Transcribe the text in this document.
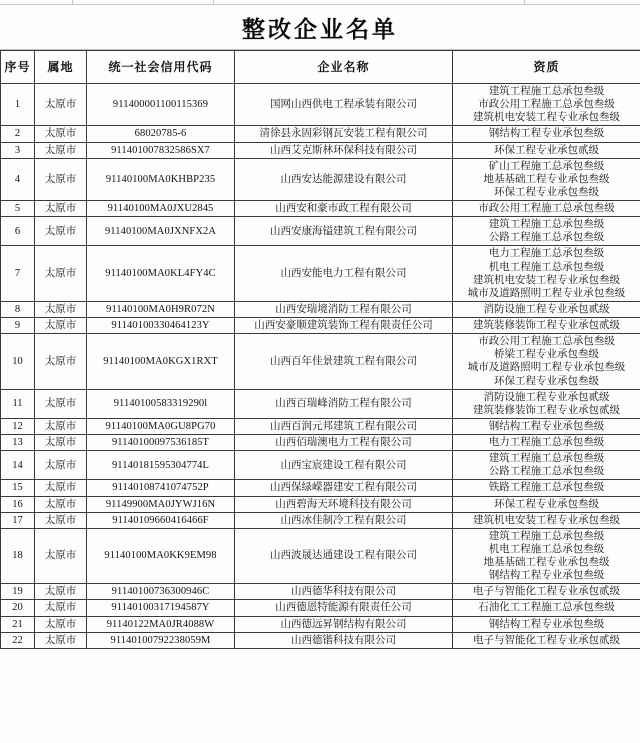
整改企业名单
序号	属地	统一社会信用代码	企业名称	资质
1	太原市	911400001100115369	国网山西供电工程承装有限公司	建筑工程施工总承包叁级
市政公用工程施工总承包叁级
建筑机电安装工程专业承包叁级

2	太原市	68020785-6	清徐县永固彩钢瓦安装工程有限公司	钢结构工程专业承包叁级

3	太原市	911401007832586SX7	山西艾克斯林环保科技有限公司	环保工程专业承包贰级

4	太原市	91140100MA0KHBP235	山西安达能源建设有限公司	矿山工程施工总承包叁级
地基基础工程专业承包叁级
环保工程专业承包叁级

5	太原市	91140100MA0JXU2845	山西安和豪市政工程有限公司	市政公用工程施工总承包叁级

6	太原市	91140100MA0JXNFX2A	山西安康海镒建筑工程有限公司	建筑工程施工总承包叁级
公路工程施工总承包叁级

7	太原市	91140100MA0KL4FY4C	山西安能电力工程有限公司	电力工程施工总承包叁级
机电工程施工总承包叁级
建筑机电安装工程专业承包叁级
城市及道路照明工程专业承包叁级

8	太原市	91140100MA0H9R072N	山西安瑞境消防工程有限公司	消防设施工程专业承包贰级

9	太原市	91140100330464123Y	山西安豪顺建筑装饰工程有限责任公司	建筑装修装饰工程专业承包贰级

10	太原市	91140100MA0KGX1RXT	山西百年佳景建筑工程有限公司	市政公用工程施工总承包叁级
桥梁工程专业承包叁级
城市及道路照明工程专业承包叁级
环保工程专业承包叁级

11	太原市	91140100583319290l	山西百瑞峰消防工程有限公司	消防设施工程专业承包贰级
建筑装修装饰工程专业承包贰级

12	太原市	91140100MA0GU8PG70	山西百润元邦建筑工程有限公司	钢结构工程专业承包叁级

13	太原市	91140100097536185T	山西佰瑞澳电力工程有限公司	电力工程施工总承包叁级

14	太原市	91140181595304774L	山西宝宸建设工程有限公司	建筑工程施工总承包叁级
公路工程施工总承包叁级

15	太原市	91140108741074752P	山西保绿嵘器建安工程有限公司	铁路工程施工总承包叁级

16	太原市	91149900MA0JYWJ16N	山西碧海天环境科技有限公司	环保工程专业承包叁级

17	太原市	91140109660416466F	山西冰佳制冷工程有限公司	建筑机电安装工程专业承包叁级

18	太原市	91140100MA0KK9EM98	山西波晟达通建设工程有限公司	建筑工程施工总承包叁级
机电工程施工总承包叁级
地基基础工程专业承包叁级
钢结构工程专业承包叁级

19	太原市	91140100736300946C	山西德华科技有限公司	电子与智能化工程专业承包贰级

20	太原市	91140100317194587Y	山西德恩特能源有限责任公司	石油化工工程施工总承包叁级

21	太原市	91140122MA0JR4088W	山西德远昇钢结构有限公司	钢结构工程专业承包叁级

22	太原市	91140100792238059M	山西德锴科技有限公司	电子与智能化工程专业承包贰级
